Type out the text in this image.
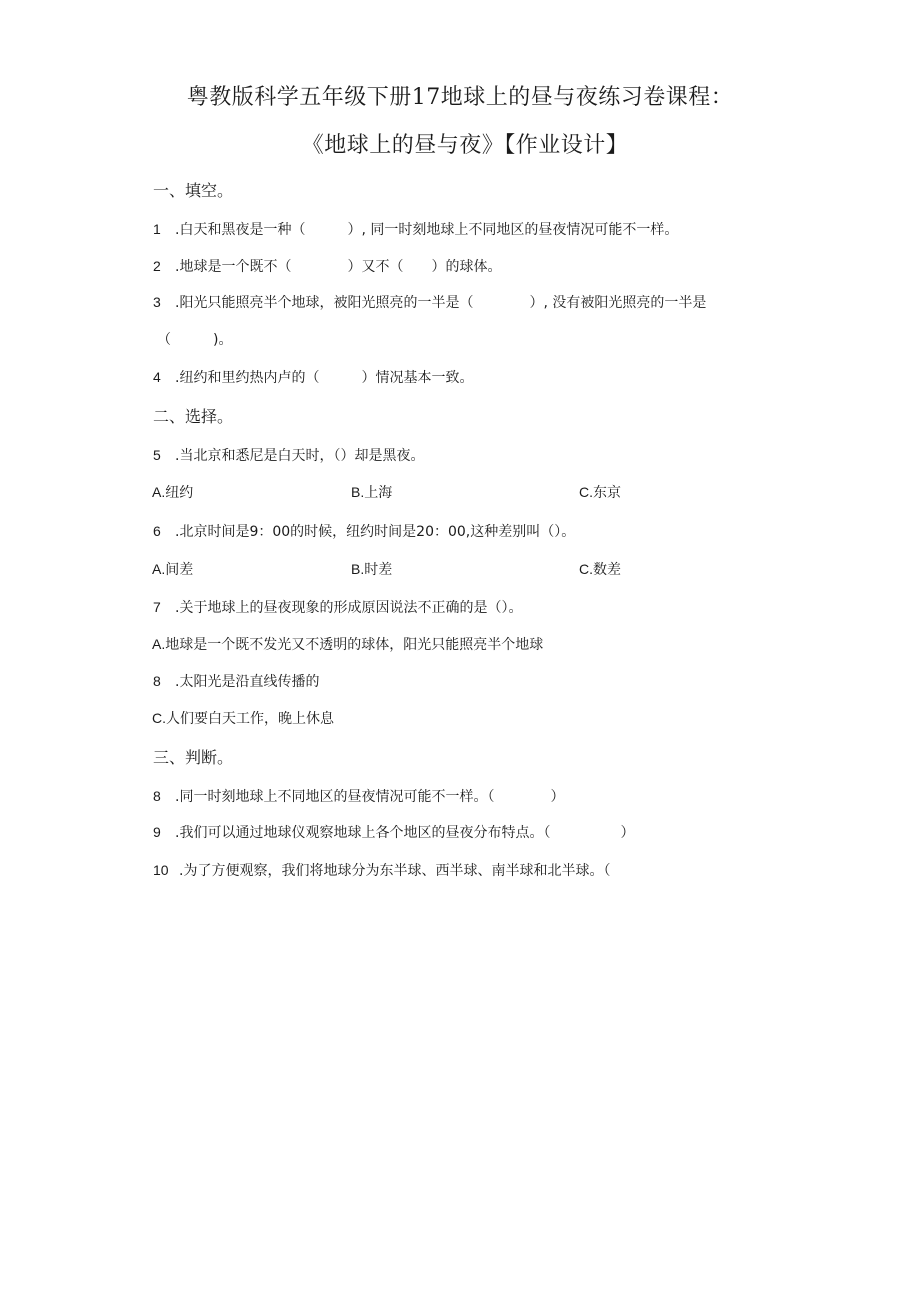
粤教版科学五年级下册17地球上的昼与夜练习卷课程：
《地球上的昼与夜》【作业设计】
一、填空。
1 .白天和黑夜是一种（　　　）, 同一时刻地球上不同地区的昼夜情况可能不一样。
2 .地球是一个既不（　　　　）又不（　　）的球体。
3 .阳光只能照亮半个地球，被阳光照亮的一半是（　　　　）, 没有被阳光照亮的一半是
（　　　)。
4 .纽约和里约热内卢的（　　　）情况基本一致。
二、选择。
5 .当北京和悉尼是白天时，（）却是黑夜。
A.纽约	B.上海	C.东京
6 .北京时间是9：00的时候，纽约时间是20：00,这种差别叫（）。
A.间差	B.时差	C.数差
7 .关于地球上的昼夜现象的形成原因说法不正确的是（）。
A.地球是一个既不发光又不透明的球体，阳光只能照亮半个地球
8 .太阳光是沿直线传播的
C.人们要白天工作，晚上休息
三、判断。
8 .同一时刻地球上不同地区的昼夜情况可能不一样。（　　　　）
9 .我们可以通过地球仪观察地球上各个地区的昼夜分布特点。（　　　　　）
10 .为了方便观察，我们将地球分为东半球、西半球、南半球和北半球。（
